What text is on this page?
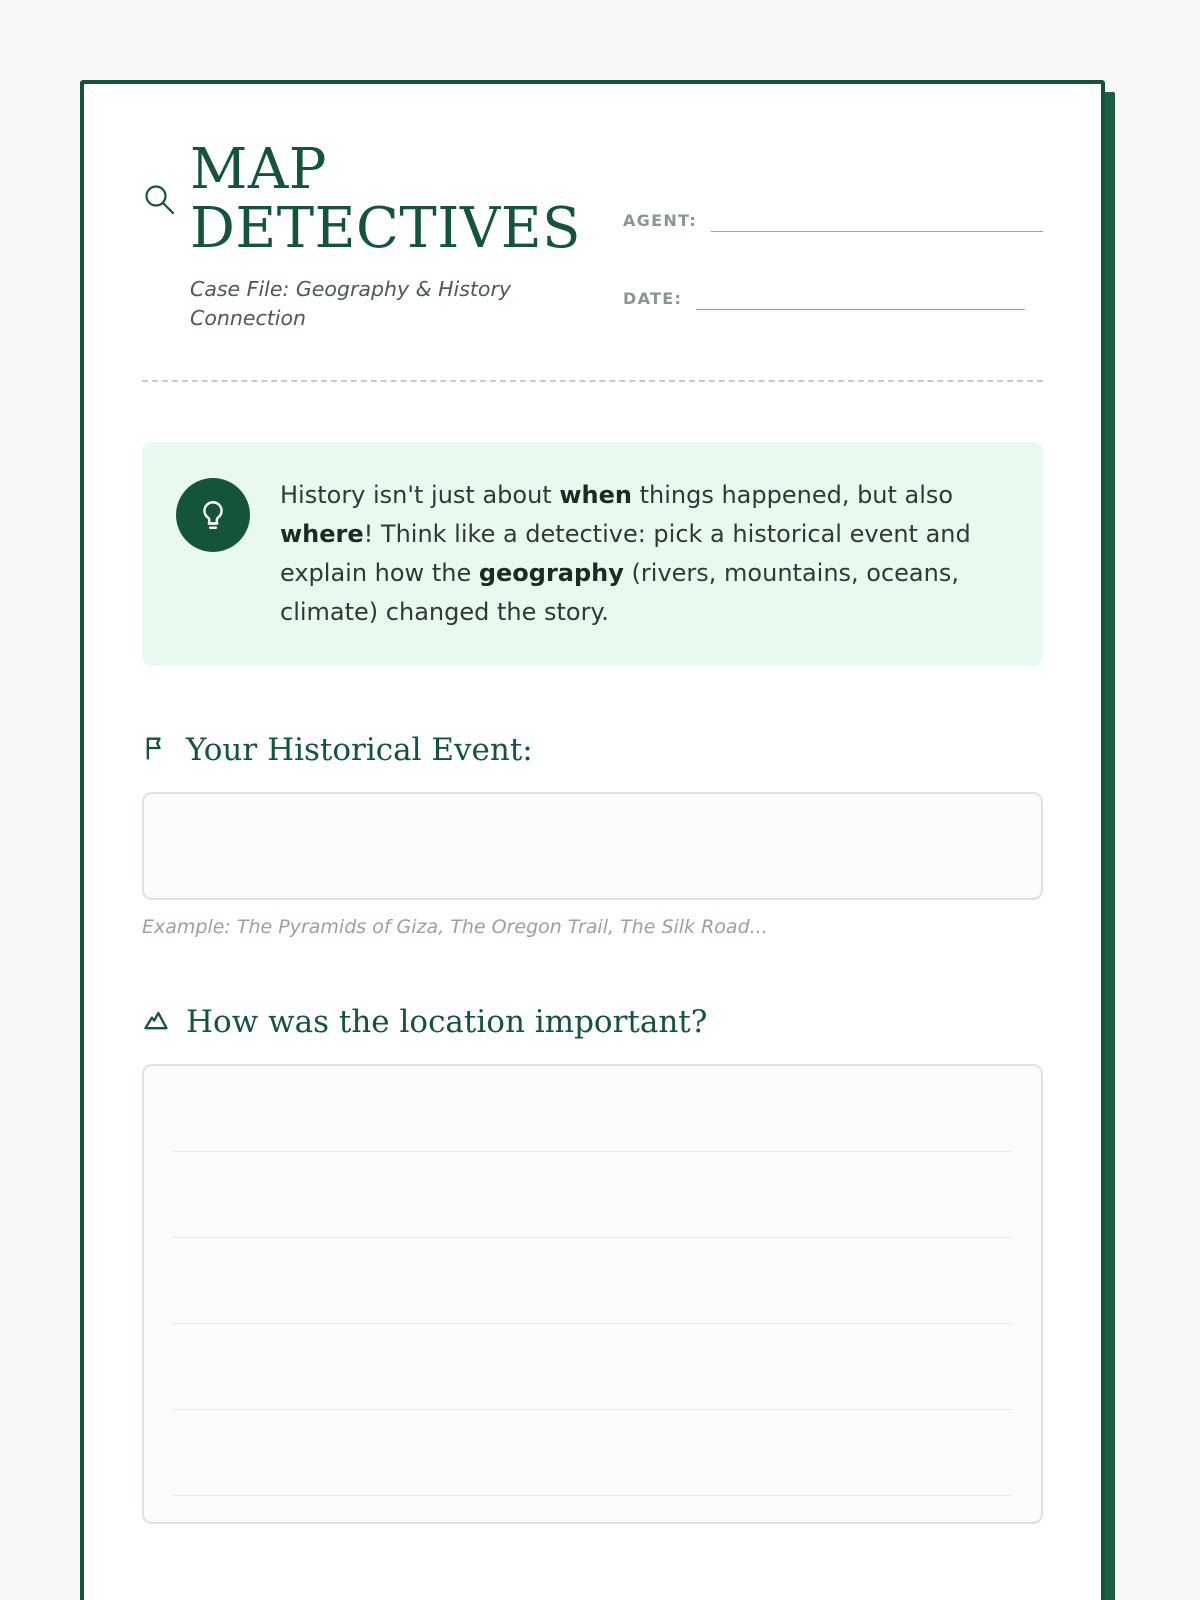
MAP DETECTIVES

Case File: Geography & History Connection

AGENT:
DATE:
History isn't just about when things happened, but also where! Think like a detective: pick a historical event and explain how the geography (rivers, mountains, oceans, climate) changed the story.
Your Historical Event:
Example: The Pyramids of Giza, The Oregon Trail, The Silk Road...
How was the location important?
